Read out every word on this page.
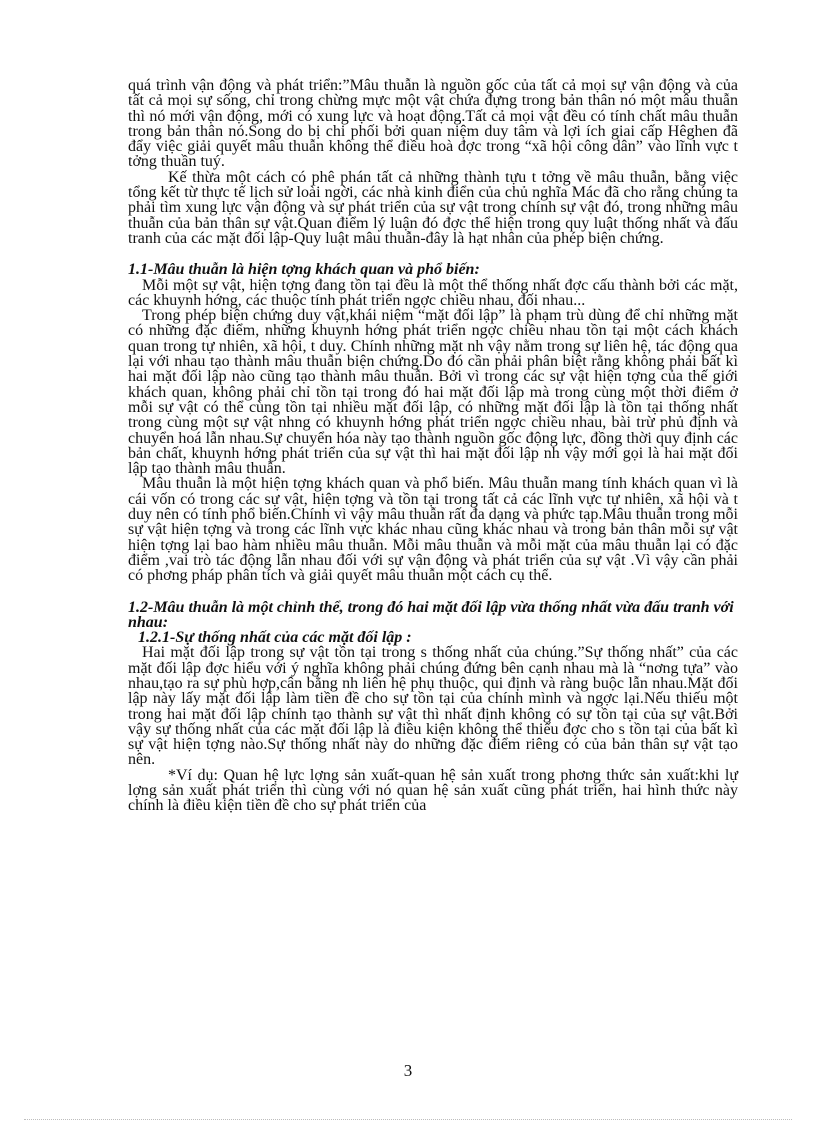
quá trình vận động và phát triển:”Mâu thuẫn là nguồn gốc của tất cả mọi sự vận động và của tất cả mọi sự sống, chỉ trong chừng mực một vật chứa đựng trong bản thân nó một mâu thuẫn thì nó mới vận động, mới có xung lực và hoạt động.Tất cả mọi vật đều có tính chất mâu thuẫn trong bản thân nó.Song do bị chi phối bởi quan niệm duy tâm và lợi ích giai cấp Hêghen đã đẩy việc giải quyết mâu thuẫn không thể điều hoà đợc trong “xã hội công dân” vào lĩnh vực t tởng thuần tuý.

Kế thừa một cách có phê phán tất cả những thành tựu t tởng về mâu thuẫn, bằng việc tổng kết từ thực tế lịch sử loài ngời, các nhà kinh điển của chủ nghĩa Mác đã cho rằng chúng ta phải tìm xung lực vận động và sự phát triển của sự vật trong chính sự vật đó, trong những mâu thuẫn của bản thân sự vật.Quan điểm lý luận đó đợc thể hiện trong quy luật thống nhất và đấu tranh của các mặt đối lập-Quy luật mâu thuẫn-đây là hạt nhân của phép biện chứng.

1.1-Mâu thuẫn là hiện tợng khách quan và phổ biến:

Mỗi một sự vật, hiện tợng đang tồn tại đều là một thể thống nhất đợc cấu thành bởi các mặt, các khuynh hớng, các thuộc tính phát triển ngợc chiều nhau, đối nhau...

Trong phép biện chứng duy vật,khái niệm “mặt đối lập” là phạm trù dùng để chỉ những mặt có những đặc điểm, những khuynh hớng phát triển ngợc chiều nhau tồn tại một cách khách quan trong tự nhiên, xã hội, t duy. Chính những mặt nh vậy nằm trong sự liên hệ, tác động qua lại với nhau tạo thành mâu thuẫn biện chứng.Do đó cần phải phân biệt rằng không phải bất kì hai mặt đối lập nào cũng tạo thành mâu thuẫn. Bởi vì trong các sự vật hiện tợng của thế giới khách quan, không phải chỉ tồn tại trong đó hai mặt đối lập mà trong cùng một thời điểm ở mỗi sự vật có thể cùng tồn tại nhiều mặt đối lập, có những mặt đối lập là tồn tại thống nhất trong cùng một sự vật nhng có khuynh hớng phát triển ngợc chiều nhau, bài trừ phủ định và chuyển hoá lẫn nhau.Sự chuyển hóa này tạo thành nguồn gốc động lực, đồng thời quy định các bản chất, khuynh hớng phát triển của sự vật thì hai mặt đối lập nh vậy mới gọi là hai mặt đối lập tạo thành mâu thuẫn.

Mâu thuẫn là một hiện tợng khách quan và phổ biến. Mâu thuẫn mang tính khách quan vì là cái vốn có trong các sự vật, hiện tợng và tồn tại trong tất cả các lĩnh vực tự nhiên, xã hội và t duy nên có tính phổ biến.Chính vì vậy mâu thuẫn rất đa dạng và phức tạp.Mâu thuẫn trong mỗi sự vật hiện tợng và trong các lĩnh vực khác nhau cũng khác nhau và trong bản thân mỗi sự vật hiện tợng lại bao hàm nhiều mâu thuẫn. Mỗi mâu thuẫn và mỗi mặt của mâu thuẫn lại có đặc điểm ,vai trò tác động lẫn nhau đối với sự vận động và phát triển của sự vật .Vì vậy cần phải có phơng pháp phân tích và giải quyết mâu thuẫn một cách cụ thể.

1.2-Mâu thuẫn là một chỉnh thể, trong đó hai mặt đối lập vừa thống nhất vừa đấu tranh với nhau:

1.2.1-Sự thống nhất của các mặt đối lập :

Hai mặt đối lập trong sự vật tồn tại trong s thống nhất của chúng.”Sự thống nhất” của các mặt đối lập đợc hiểu với ý nghĩa không phải chúng đứng bên cạnh nhau mà là “nơng tựa” vào nhau,tạo ra sự phù hợp,cân bằng nh liên hệ phụ thuộc, qui định và ràng buộc lẫn nhau.Mặt đối lập này lấy mặt đối lập làm tiền đề cho sự tồn tại của chính mình và ngợc lại.Nếu thiếu một trong hai mặt đối lập chính tạo thành sự vật thì nhất định không có sự tồn tại của sự vật.Bởi vậy sự thống nhất của các mặt đối lập là điều kiện không thể thiếu đợc cho s tồn tại của bất kì sự vật hiện tợng nào.Sự thống nhất này do những đặc điểm riêng có của bản thân sự vật tạo nên.

*Ví dụ: Quan hệ lực lợng sản xuất-quan hệ sản xuất trong phơng thức sản xuất:khi lự lợng sản xuất phát triển thì cùng với nó quan hệ sản xuất cũng phát triển, hai hình thức này chính là điều kiện tiền đề cho sự phát triển của

3
